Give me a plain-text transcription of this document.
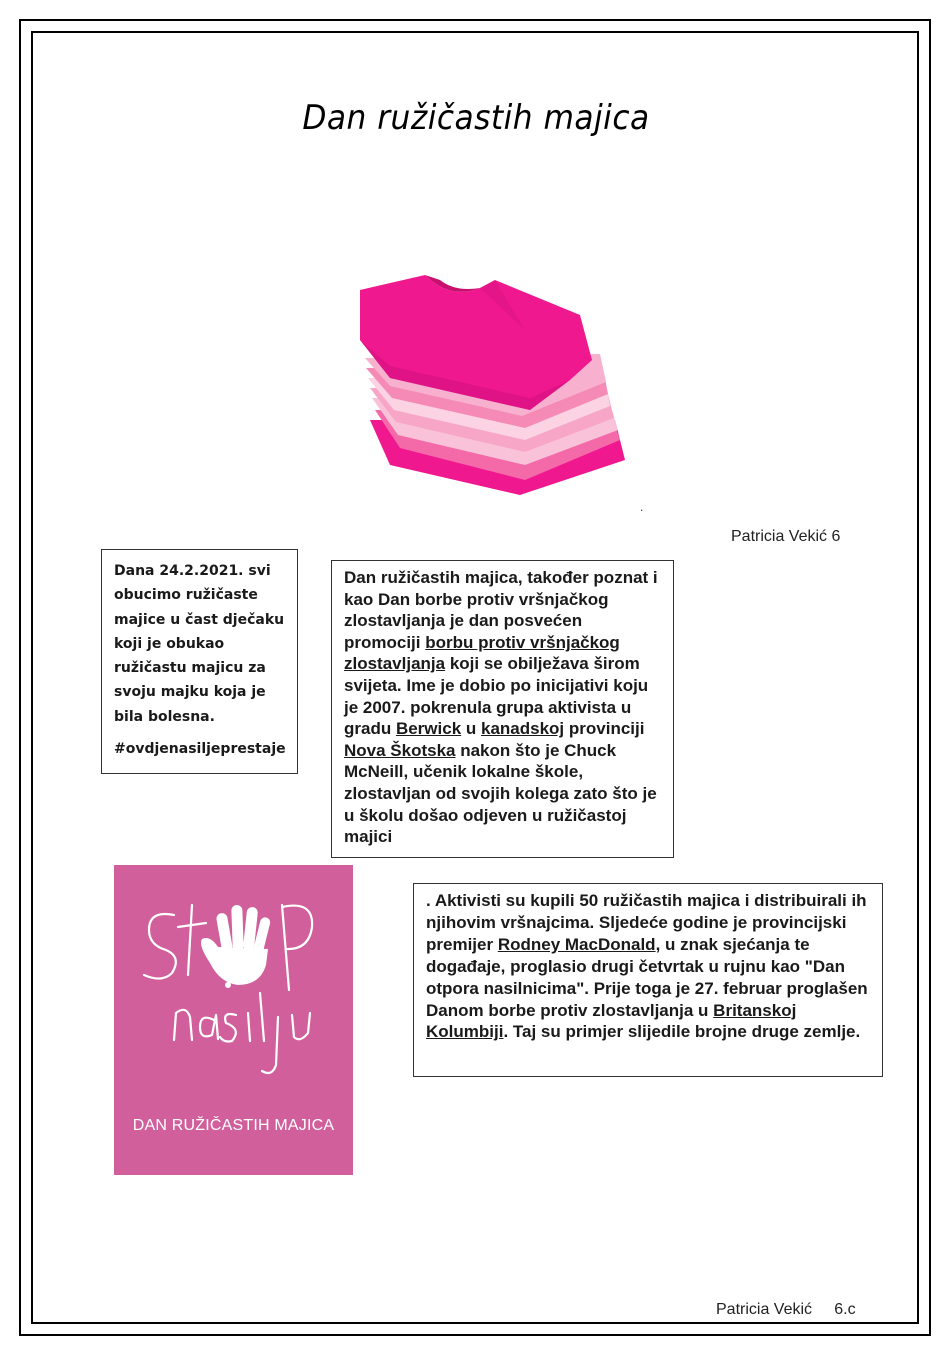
Dan ružičastih majica
.
Patricia Vekić 6

Dana 24.2.2021. svi obucimo ružičaste majice u čast dječaku koji je obukao ružičastu majicu za svoju majku koja je bila bolesna.

#ovdjenasiljeprestaje

Dan ružičastih majica, također poznat i kao Dan borbe protiv vršnjačkog zlostavljanja je dan posvećen promociji borbu protiv vršnjačkog zlostavljanja koji se obilježava širom svijeta. Ime je dobio po inicijativi koju je 2007. pokrenula grupa aktivista u gradu Berwick u kanadskoj provinciji Nova Škotska nakon što je Chuck McNeill, učenik lokalne škole, zlostavljan od svojih kolega zato što je u školu došao odjeven u ružičastoj majici
DAN RUŽIČASTIH MAJICA
. Aktivisti su kupili 50 ružičastih majica i distribuirali ih njihovim vršnajcima. Sljedeće godine je provincijski premijer Rodney MacDonald, u znak sjećanja te događaje, proglasio drugi četvrtak u rujnu kao "Dan otpora nasilnicima". Prije toga je 27. februar proglašen Danom borbe protiv zlostavljanja u Britanskoj Kolumbiji. Taj su primjer slijedile brojne druge zemlje.
Patricia Vekić     6.c
